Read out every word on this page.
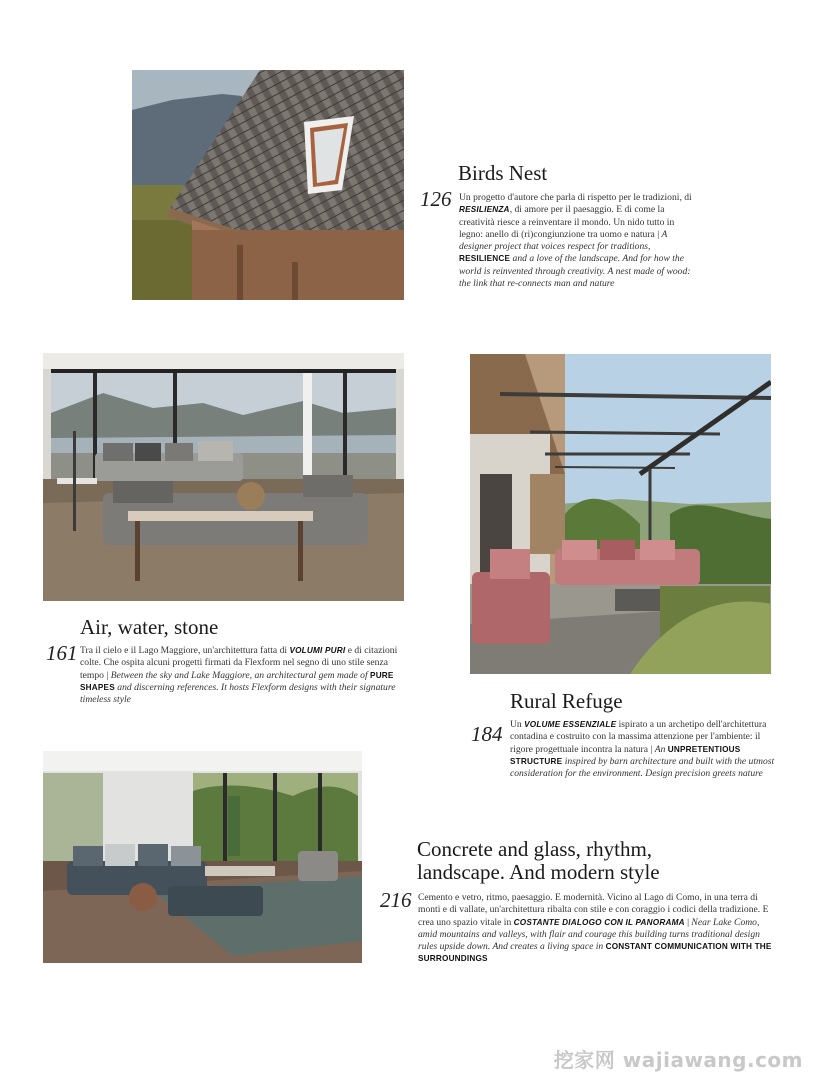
126
Birds Nest

Un progetto d'autore che parla di rispetto per le tradizioni, di RESILIENZA, di amore per il paesaggio. E di come la creatività riesce a reinventare il mondo. Un nido tutto in legno: anello di (ri)congiunzione tra uomo e natura | A designer project that voices respect for traditions, RESILIENCE and a love of the landscape. And for how the world is reinvented through creativity. A nest made of wood: the link that re-connects man and nature

161
Air, water, stone

Tra il cielo e il Lago Maggiore, un'architettura fatta di VOLUMI PURI e di citazioni colte. Che ospita alcuni progetti firmati da Flexform nel segno di uno stile senza tempo | Between the sky and Lake Maggiore, an architectural gem made of PURE SHAPES and discerning references. It hosts Flexform designs with their signature timeless style	Rural Refuge
184 Un VOLUME ESSENZIALE ispirato a un archetipo dell'architettura contadina e costruito con la massima attenzione per l'ambiente: il rigore progettuale incontra la natura | An UNPRETENTIOUS STRUCTURE inspired by barn architecture and built with the utmost consideration for the environment. Design precision greets nature

Concrete and glass, rhythm, landscape. And modern style
216 Cemento e vetro, ritmo, paesaggio. E modernità. Vicino al Lago di Como, in una terra di monti e di vallate, un'architettura ribalta con stile e con coraggio i codici della tradizione. E crea uno spazio vitale in COSTANTE DIALOGO CON IL PANORAMA | Near Lake Como, amid mountains and valleys, with flair and courage this building turns traditional design rules upside down. And creates a living space in CONSTANT COMMUNICATION WITH THE SURROUNDINGS

挖家网 wajiawang.com
